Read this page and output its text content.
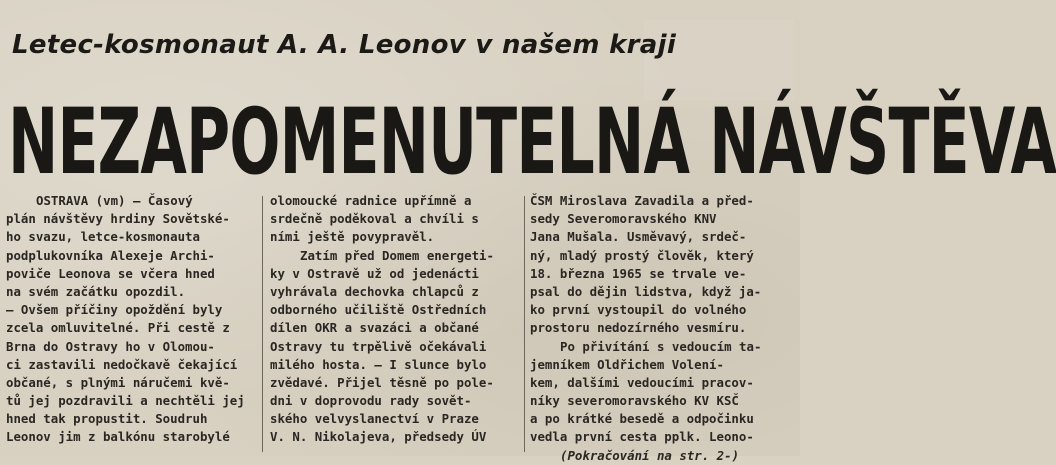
Letec-kosmonaut A. A. Leonov v našem kraji
NEZAPOMENUTELNÁ NÁVŠTĚVA
OSTRAVA (vm) — Časový
plán návštěvy hrdiny Sovětské-
ho svazu, letce-kosmonauta
podplukovníka Alexeje Archi-
poviče Leonova se včera hned
na svém začátku opozdil.
— Ovšem příčiny opoždění byly
zcela omluvitelné. Při cestě z
Brna do Ostravy ho v Olomou-
ci zastavili nedočkavě čekající
občané, s plnými náručemi kvě-
tů jej pozdravili a nechtěli jej
hned tak propustit. Soudruh
Leonov jim z balkónu starobylé
olomoucké radnice upřímně a
srdečně poděkoval a chvíli s
ními ještě povypravěl.
Zatím před Domem energeti-
ky v Ostravě už od jedenácti
vyhrávala dechovka chlapců z
odborného učiliště Ostředních
dílen OKR a svazáci a občané
Ostravy tu trpělivě očekávali
milého hosta. — I slunce bylo
zvědavé. Přijel těsně po pole-
dni v doprovodu rady sovět-
ského velvyslanectví v Praze
V. N. Nikolajeva, předsedy ÚV
ČSM Miroslava Zavadila a před-
sedy Severomoravského KNV
Jana Mušala. Usměvavý, srdeč-
ný, mladý prostý člověk, který
18. března 1965 se trvale ve-
psal do dějin lidstva, když ja-
ko první vystoupil do volného
prostoru nedozírného vesmíru.
Po přivítání s vedoucím ta-
jemníkem Oldřichem Volení-
kem, dalšími vedoucími pracov-
níky severomoravského KV KSČ
a po krátké besedě a odpočinku
vedla první cesta pplk. Leono-
(Pokračování na str. 2-)
